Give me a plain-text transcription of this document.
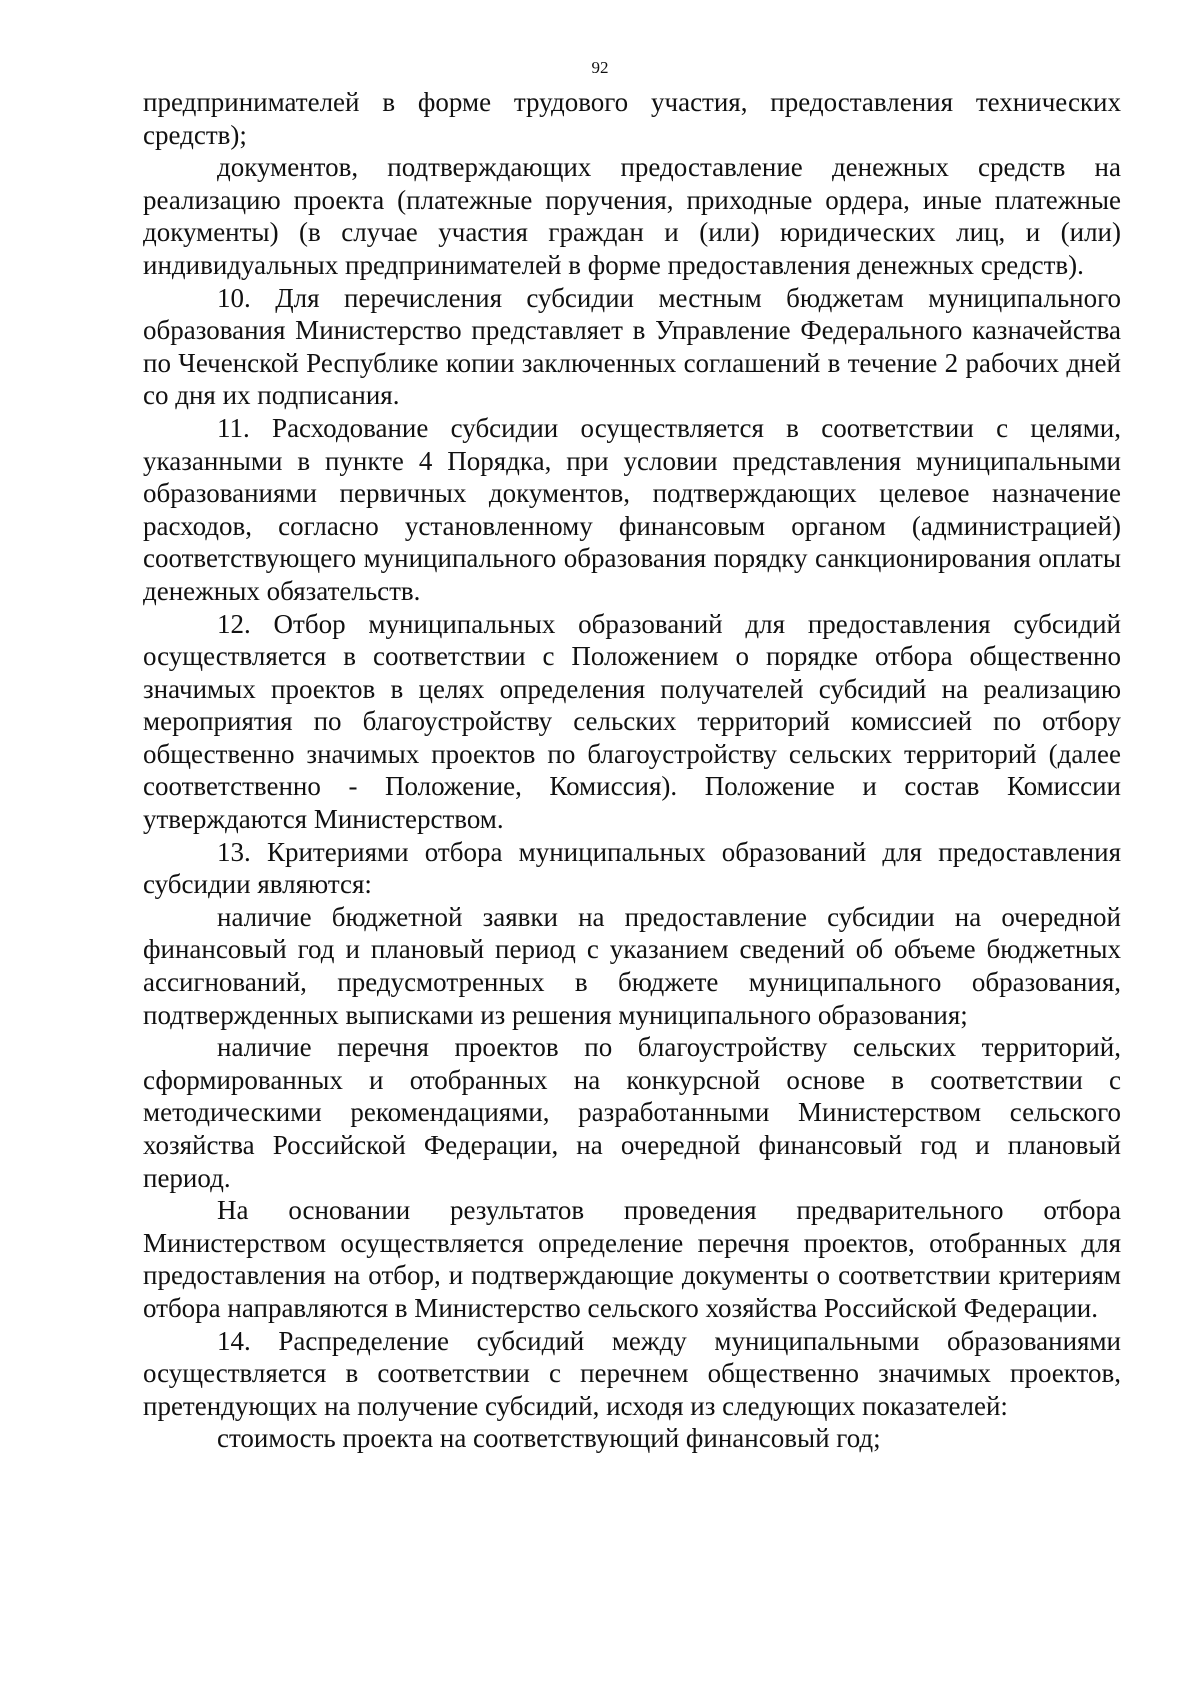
92

предпринимателей в форме трудового участия, предоставления технических средств);

документов, подтверждающих предоставление денежных средств на реализацию проекта (платежные поручения, приходные ордера, иные платежные документы) (в случае участия граждан и (или) юридических лиц, и (или) индивидуальных предпринимателей в форме предоставления денежных средств).

10. Для перечисления субсидии местным бюджетам муниципального образования Министерство представляет в Управление Федерального казначейства по Чеченской Республике копии заключенных соглашений в течение 2 рабочих дней со дня их подписания.

11. Расходование субсидии осуществляется в соответствии с целями, указанными в пункте 4 Порядка, при условии представления муниципальными образованиями первичных документов, подтверждающих целевое назначение расходов, согласно установленному финансовым органом (администрацией) соответствующего муниципального образования порядку санкционирования оплаты денежных обязательств.

12. Отбор муниципальных образований для предоставления субсидий осуществляется в соответствии с Положением о порядке отбора общественно значимых проектов в целях определения получателей субсидий на реализацию мероприятия по благоустройству сельских территорий комиссией по отбору общественно значимых проектов по благоустройству сельских территорий (далее соответственно - Положение, Комиссия). Положение и состав Комиссии утверждаются Министерством.

13. Критериями отбора муниципальных образований для предоставления субсидии являются:

наличие бюджетной заявки на предоставление субсидии на очередной финансовый год и плановый период с указанием сведений об объеме бюджетных ассигнований, предусмотренных в бюджете муниципального образования, подтвержденных выписками из решения муниципального образования;

наличие перечня проектов по благоустройству сельских территорий, сформированных и отобранных на конкурсной основе в соответствии с методическими рекомендациями, разработанными Министерством сельского хозяйства Российской Федерации, на очередной финансовый год и плановый период.

На основании результатов проведения предварительного отбора Министерством осуществляется определение перечня проектов, отобранных для предоставления на отбор, и подтверждающие документы о соответствии критериям отбора направляются в Министерство сельского хозяйства Российской Федерации.

14. Распределение субсидий между муниципальными образованиями осуществляется в соответствии с перечнем общественно значимых проектов, претендующих на получение субсидий, исходя из следующих показателей:

стоимость проекта на соответствующий финансовый год;
